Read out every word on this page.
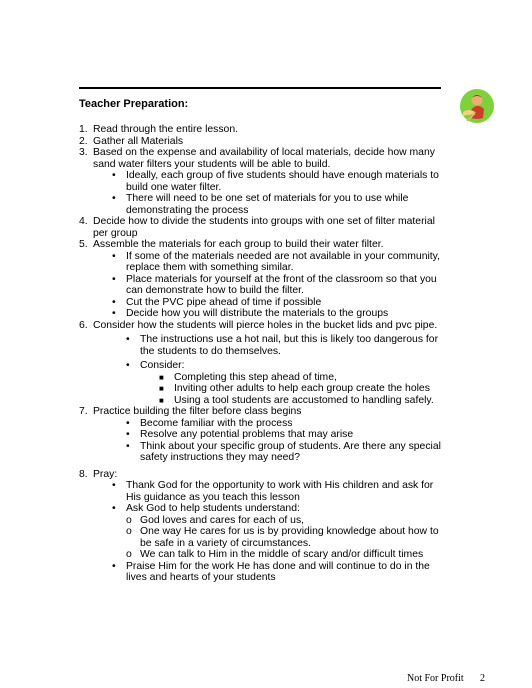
Teacher Preparation:
1. Read through the entire lesson.
2. Gather all Materials
3. Based on the expense and availability of local materials, decide how many sand water filters your students will be able to build.
• Ideally, each group of five students should have enough materials to build one water filter.
• There will need to be one set of materials for you to use while demonstrating the process
4. Decide how to divide the students into groups with one set of filter material per group
5. Assemble the materials for each group to build their water filter.
• If some of the materials needed are not available in your community, replace them with something similar.
• Place materials for yourself at the front of the classroom so that you can demonstrate how to build the filter.
• Cut the PVC pipe ahead of time if possible
• Decide how you will distribute the materials to the groups
6. Consider how the students will pierce holes in the bucket lids and pvc pipe.
• The instructions use a hot nail, but this is likely too dangerous for the students to do themselves.
• Consider:
■ Completing this step ahead of time,
■ Inviting other adults to help each group create the holes
■ Using a tool students are accustomed to handling safely.
7. Practice building the filter before class begins
• Become familiar with the process
• Resolve any potential problems that may arise
• Think about your specific group of students. Are there any special safety instructions they may need?
8. Pray:
• Thank God for the opportunity to work with His children and ask for His guidance as you teach this lesson
• Ask God to help students understand:
o God loves and cares for each of us,
o One way He cares for us is by providing knowledge about how to be safe in a variety of circumstances.
o We can talk to Him in the middle of scary and/or difficult times
• Praise Him for the work He has done and will continue to do in the lives and hearts of your students
Not For Profit 2
